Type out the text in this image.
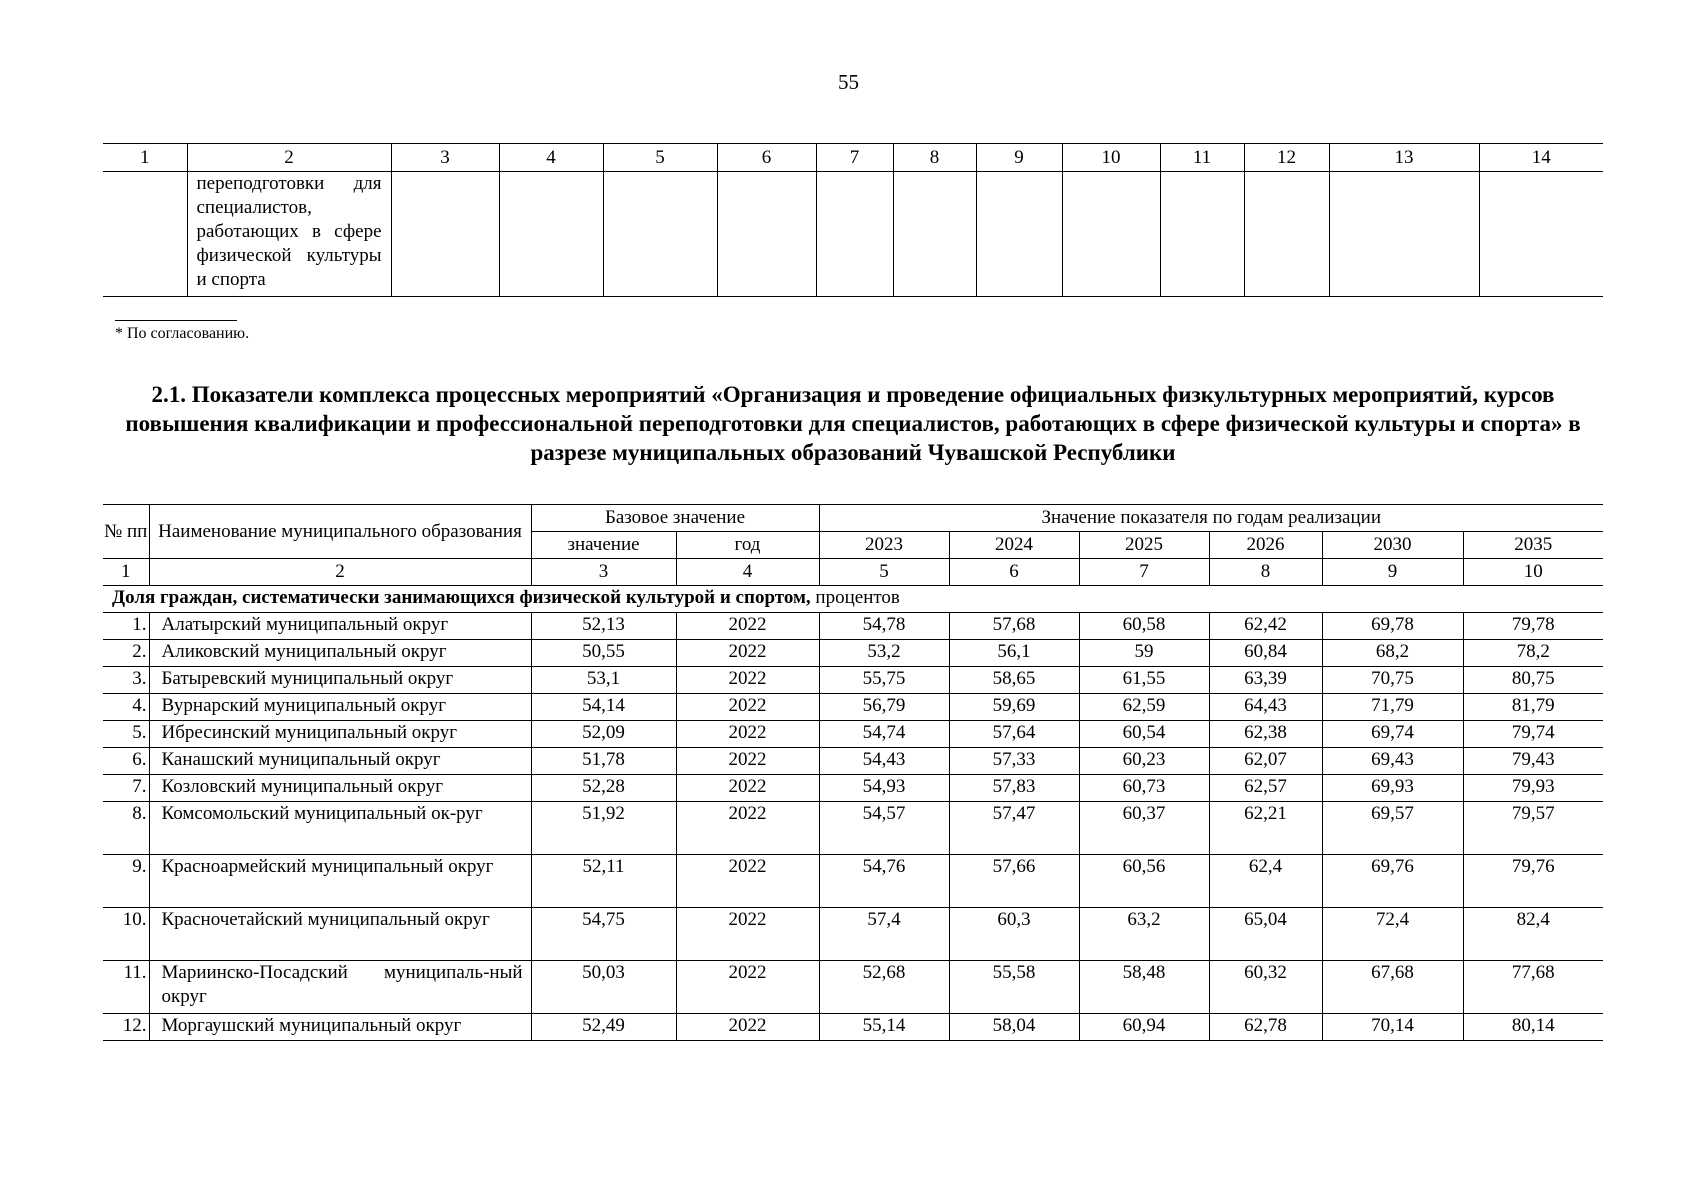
55
1	2	3	4	5	6	7	8	9	10	11	12	13	14
	переподготовки для специалистов, работающих в сфере физической культуры и спорта												
* По согласованию.
2.1. Показатели комплекса процессных мероприятий «Организация и проведение официальных физкультурных мероприятий, курсов повышения квалификации и профессиональной переподготовки для специалистов, работающих в сфере физической культуры и спорта» в разрезе муниципальных образований Чувашской Республики
№ пп	Наименование муниципального образования	Базовое значение		Значение показателя по годам реализации					
		значение	год	2023	2024	2025	2026	2030	2035
1	2	3	4	5	6	7	8	9	10
Доля граждан, систематически занимающихся физической культурой и спортом, процентов									
1.	Алатырский муниципальный округ	52,13	2022	54,78	57,68	60,58	62,42	69,78	79,78
2.	Аликовский муниципальный округ	50,55	2022	53,2	56,1	59	60,84	68,2	78,2
3.	Батыревский муниципальный округ	53,1	2022	55,75	58,65	61,55	63,39	70,75	80,75
4.	Вурнарский муниципальный округ	54,14	2022	56,79	59,69	62,59	64,43	71,79	81,79
5.	Ибресинский муниципальный округ	52,09	2022	54,74	57,64	60,54	62,38	69,74	79,74
6.	Канашский муниципальный округ	51,78	2022	54,43	57,33	60,23	62,07	69,43	79,43
7.	Козловский муниципальный округ	52,28	2022	54,93	57,83	60,73	62,57	69,93	79,93
8.	Комсомольский муниципальный ок-руг	51,92	2022	54,57	57,47	60,37	62,21	69,57	79,57
9.	Красноармейский муниципальный округ	52,11	2022	54,76	57,66	60,56	62,4	69,76	79,76
10.	Красночетайский муниципальный округ	54,75	2022	57,4	60,3	63,2	65,04	72,4	82,4
11.	Мариинско-Посадский муниципаль-ный округ	50,03	2022	52,68	55,58	58,48	60,32	67,68	77,68
12.	Моргаушский муниципальный округ	52,49	2022	55,14	58,04	60,94	62,78	70,14	80,14
